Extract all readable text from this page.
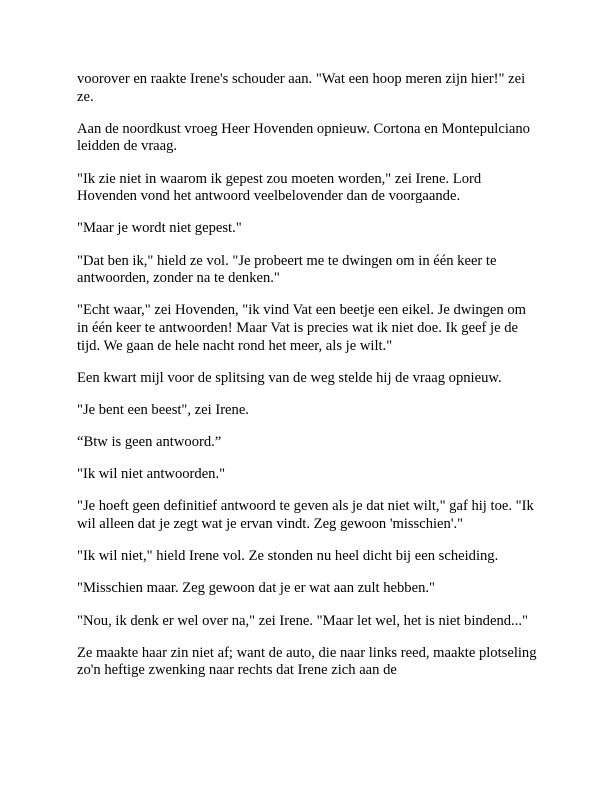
voorover en raakte Irene's schouder aan. "Wat een hoop meren zijn hier!" zei ze.

Aan de noordkust vroeg Heer Hovenden opnieuw. Cortona en Montepulciano leidden de vraag.

"Ik zie niet in waarom ik gepest zou moeten worden," zei Irene. Lord Hovenden vond het antwoord veelbelovender dan de voorgaande.

"Maar je wordt niet gepest."

"Dat ben ik," hield ze vol. "Je probeert me te dwingen om in één keer te antwoorden, zonder na te denken."

"Echt waar," zei Hovenden, "ik vind Vat een beetje een eikel. Je dwingen om in één keer te antwoorden! Maar Vat is precies wat ik niet doe. Ik geef je de tijd. We gaan de hele nacht rond het meer, als je wilt."

Een kwart mijl voor de splitsing van de weg stelde hij de vraag opnieuw.

"Je bent een beest", zei Irene.

“Btw is geen antwoord.”

"Ik wil niet antwoorden."

"Je hoeft geen definitief antwoord te geven als je dat niet wilt," gaf hij toe. "Ik wil alleen dat je zegt wat je ervan vindt. Zeg gewoon 'misschien'."

"Ik wil niet," hield Irene vol. Ze stonden nu heel dicht bij een scheiding.

"Misschien maar. Zeg gewoon dat je er wat aan zult hebben."

"Nou, ik denk er wel over na," zei Irene. "Maar let wel, het is niet bindend..."

Ze maakte haar zin niet af; want de auto, die naar links reed, maakte plotseling zo'n heftige zwenking naar rechts dat Irene zich aan de
